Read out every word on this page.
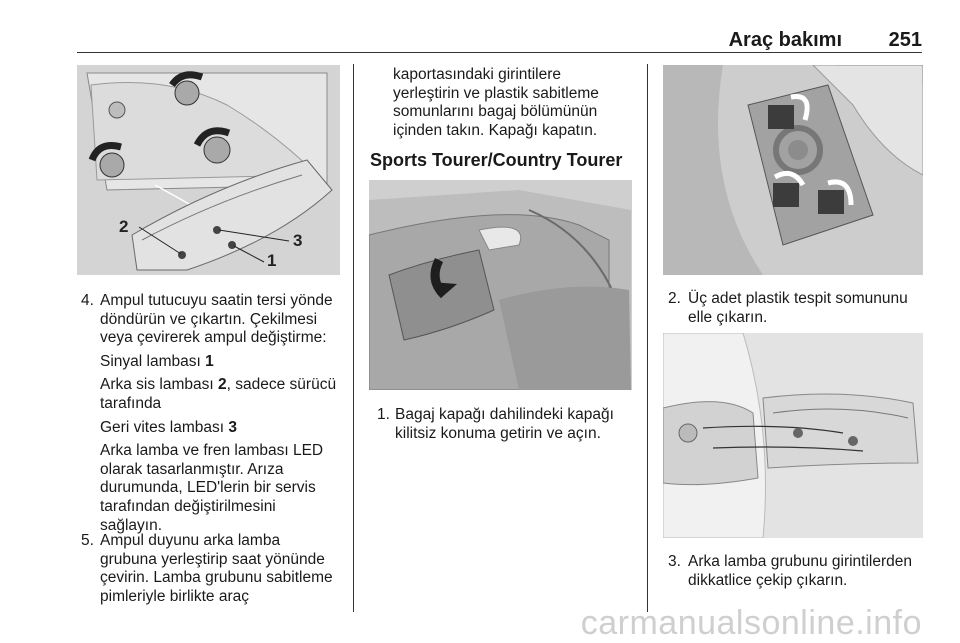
Araç bakımı 251
2
3
1
4. Ampul tutucuyu saatin tersi yönde
döndürün ve çıkartın. Çekilmesi
veya çevirerek ampul değiştirme:
Sinyal lambası 1
Arka sis lambası 2, sadece sürücü
tarafında
Geri vites lambası 3
Arka lamba ve fren lambası LED
olarak tasarlanmıştır. Arıza
durumunda, LED'lerin bir servis
tarafından değiştirilmesini
sağlayın.
5. Ampul duyunu arka lamba
grubuna yerleştirip saat yönünde
çevirin. Lamba grubunu sabitleme
pimleriyle birlikte araç
kaportasındaki girintilere
yerleştirin ve plastik sabitleme
somunlarını bagaj bölümünün
içinden takın. Kapağı kapatın.
Sports Tourer/Country Tourer
1. Bagaj kapağı dahilindeki kapağı
kilitsiz konuma getirin ve açın.
2. Üç adet plastik tespit somununu
elle çıkarın.
3. Arka lamba grubunu girintilerden
dikkatlice çekip çıkarın.
carmanualsonline.info
